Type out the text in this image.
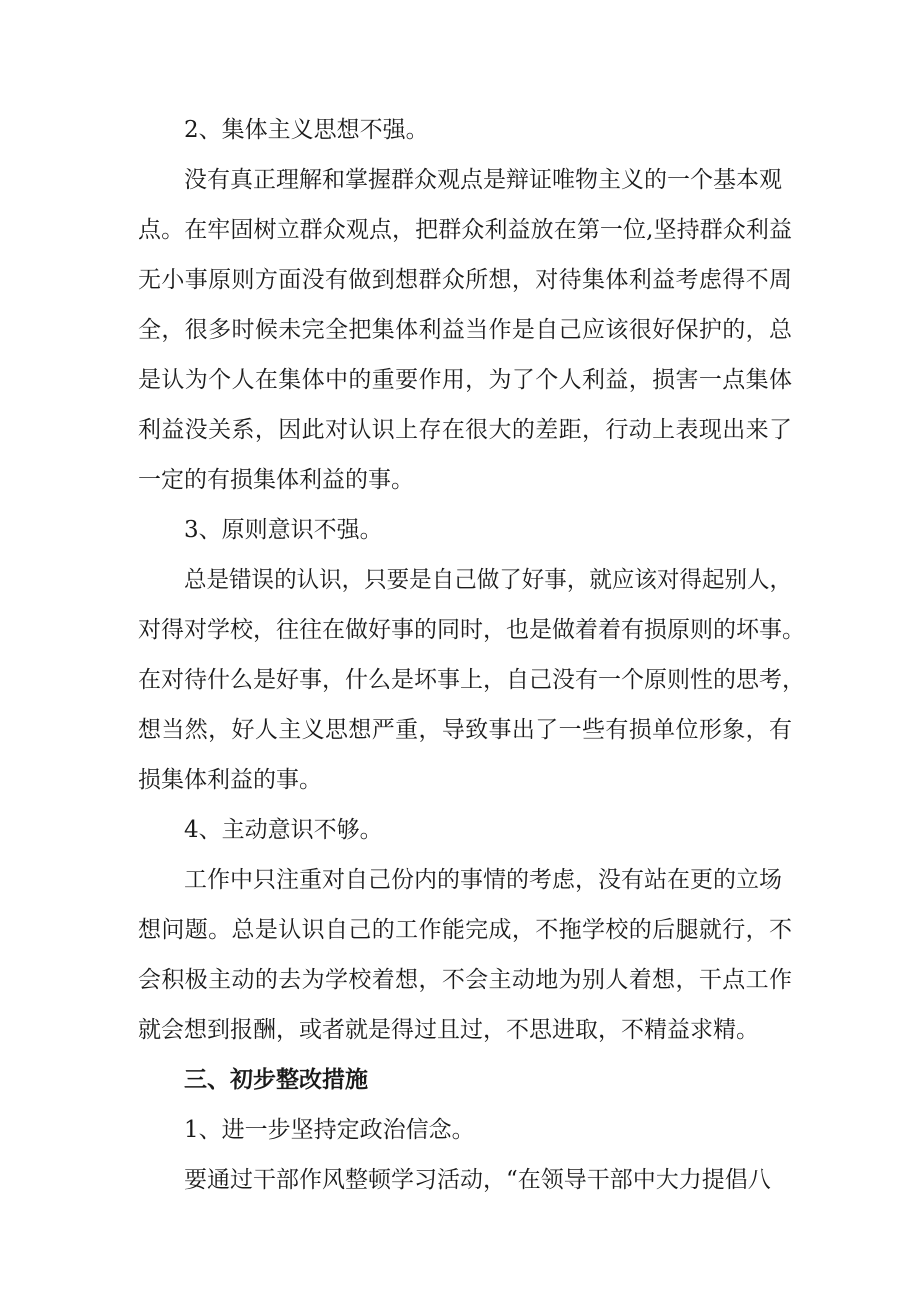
2、集体主义思想不强。
没有真正理解和掌握群众观点是辩证唯物主义的一个基本观
点。在牢固树立群众观点，把群众利益放在第一位,坚持群众利益
无小事原则方面没有做到想群众所想，对待集体利益考虑得不周
全，很多时候未完全把集体利益当作是自己应该很好保护的，总
是认为个人在集体中的重要作用，为了个人利益，损害一点集体
利益没关系，因此对认识上存在很大的差距，行动上表现出来了
一定的有损集体利益的事。
3、原则意识不强。
总是错误的认识，只要是自己做了好事，就应该对得起别人，
对得对学校，往往在做好事的同时，也是做着着有损原则的坏事。
在对待什么是好事，什么是坏事上，自己没有一个原则性的思考，
想当然，好人主义思想严重，导致事出了一些有损单位形象，有
损集体利益的事。
4、主动意识不够。
工作中只注重对自己份内的事情的考虑，没有站在更的立场
想问题。总是认识自己的工作能完成，不拖学校的后腿就行，不
会积极主动的去为学校着想，不会主动地为别人着想，干点工作
就会想到报酬，或者就是得过且过，不思进取，不精益求精。
三、初步整改措施
1、进一步坚持定政治信念。
要通过干部作风整顿学习活动，“在领导干部中大力提倡八
